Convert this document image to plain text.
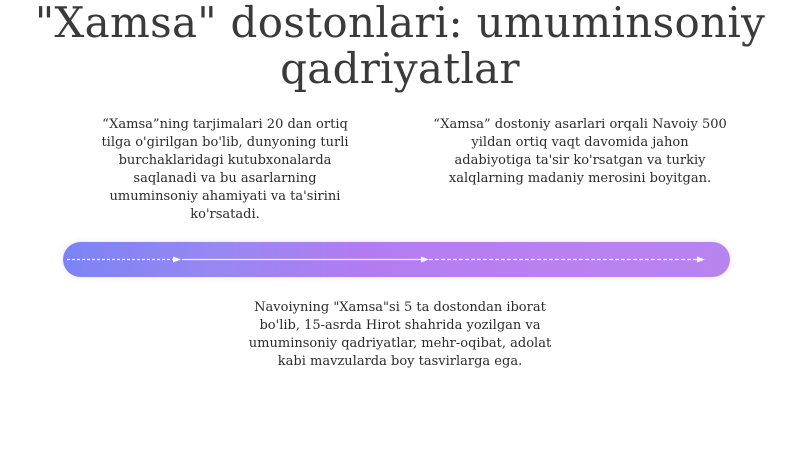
"Xamsa" dostonlari: umuminsoniy
qadriyatlar
“Xamsa”ning tarjimalari 20 dan ortiq
tilga o'girilgan bo'lib, dunyoning turli
burchaklaridagi kutubxonalarda
saqlanadi va bu asarlarning
umuminsoniy ahamiyati va ta'sirini
ko'rsatadi.
“Xamsa” dostoniy asarlari orqali Navoiy 500
yildan ortiq vaqt davomida jahon
adabiyotiga ta'sir ko'rsatgan va turkiy
xalqlarning madaniy merosini boyitgan.
Navoiyning "Xamsa"si 5 ta dostondan iborat
bo'lib, 15-asrda Hirot shahrida yozilgan va
umuminsoniy qadriyatlar, mehr-oqibat, adolat
kabi mavzularda boy tasvirlarga ega.
